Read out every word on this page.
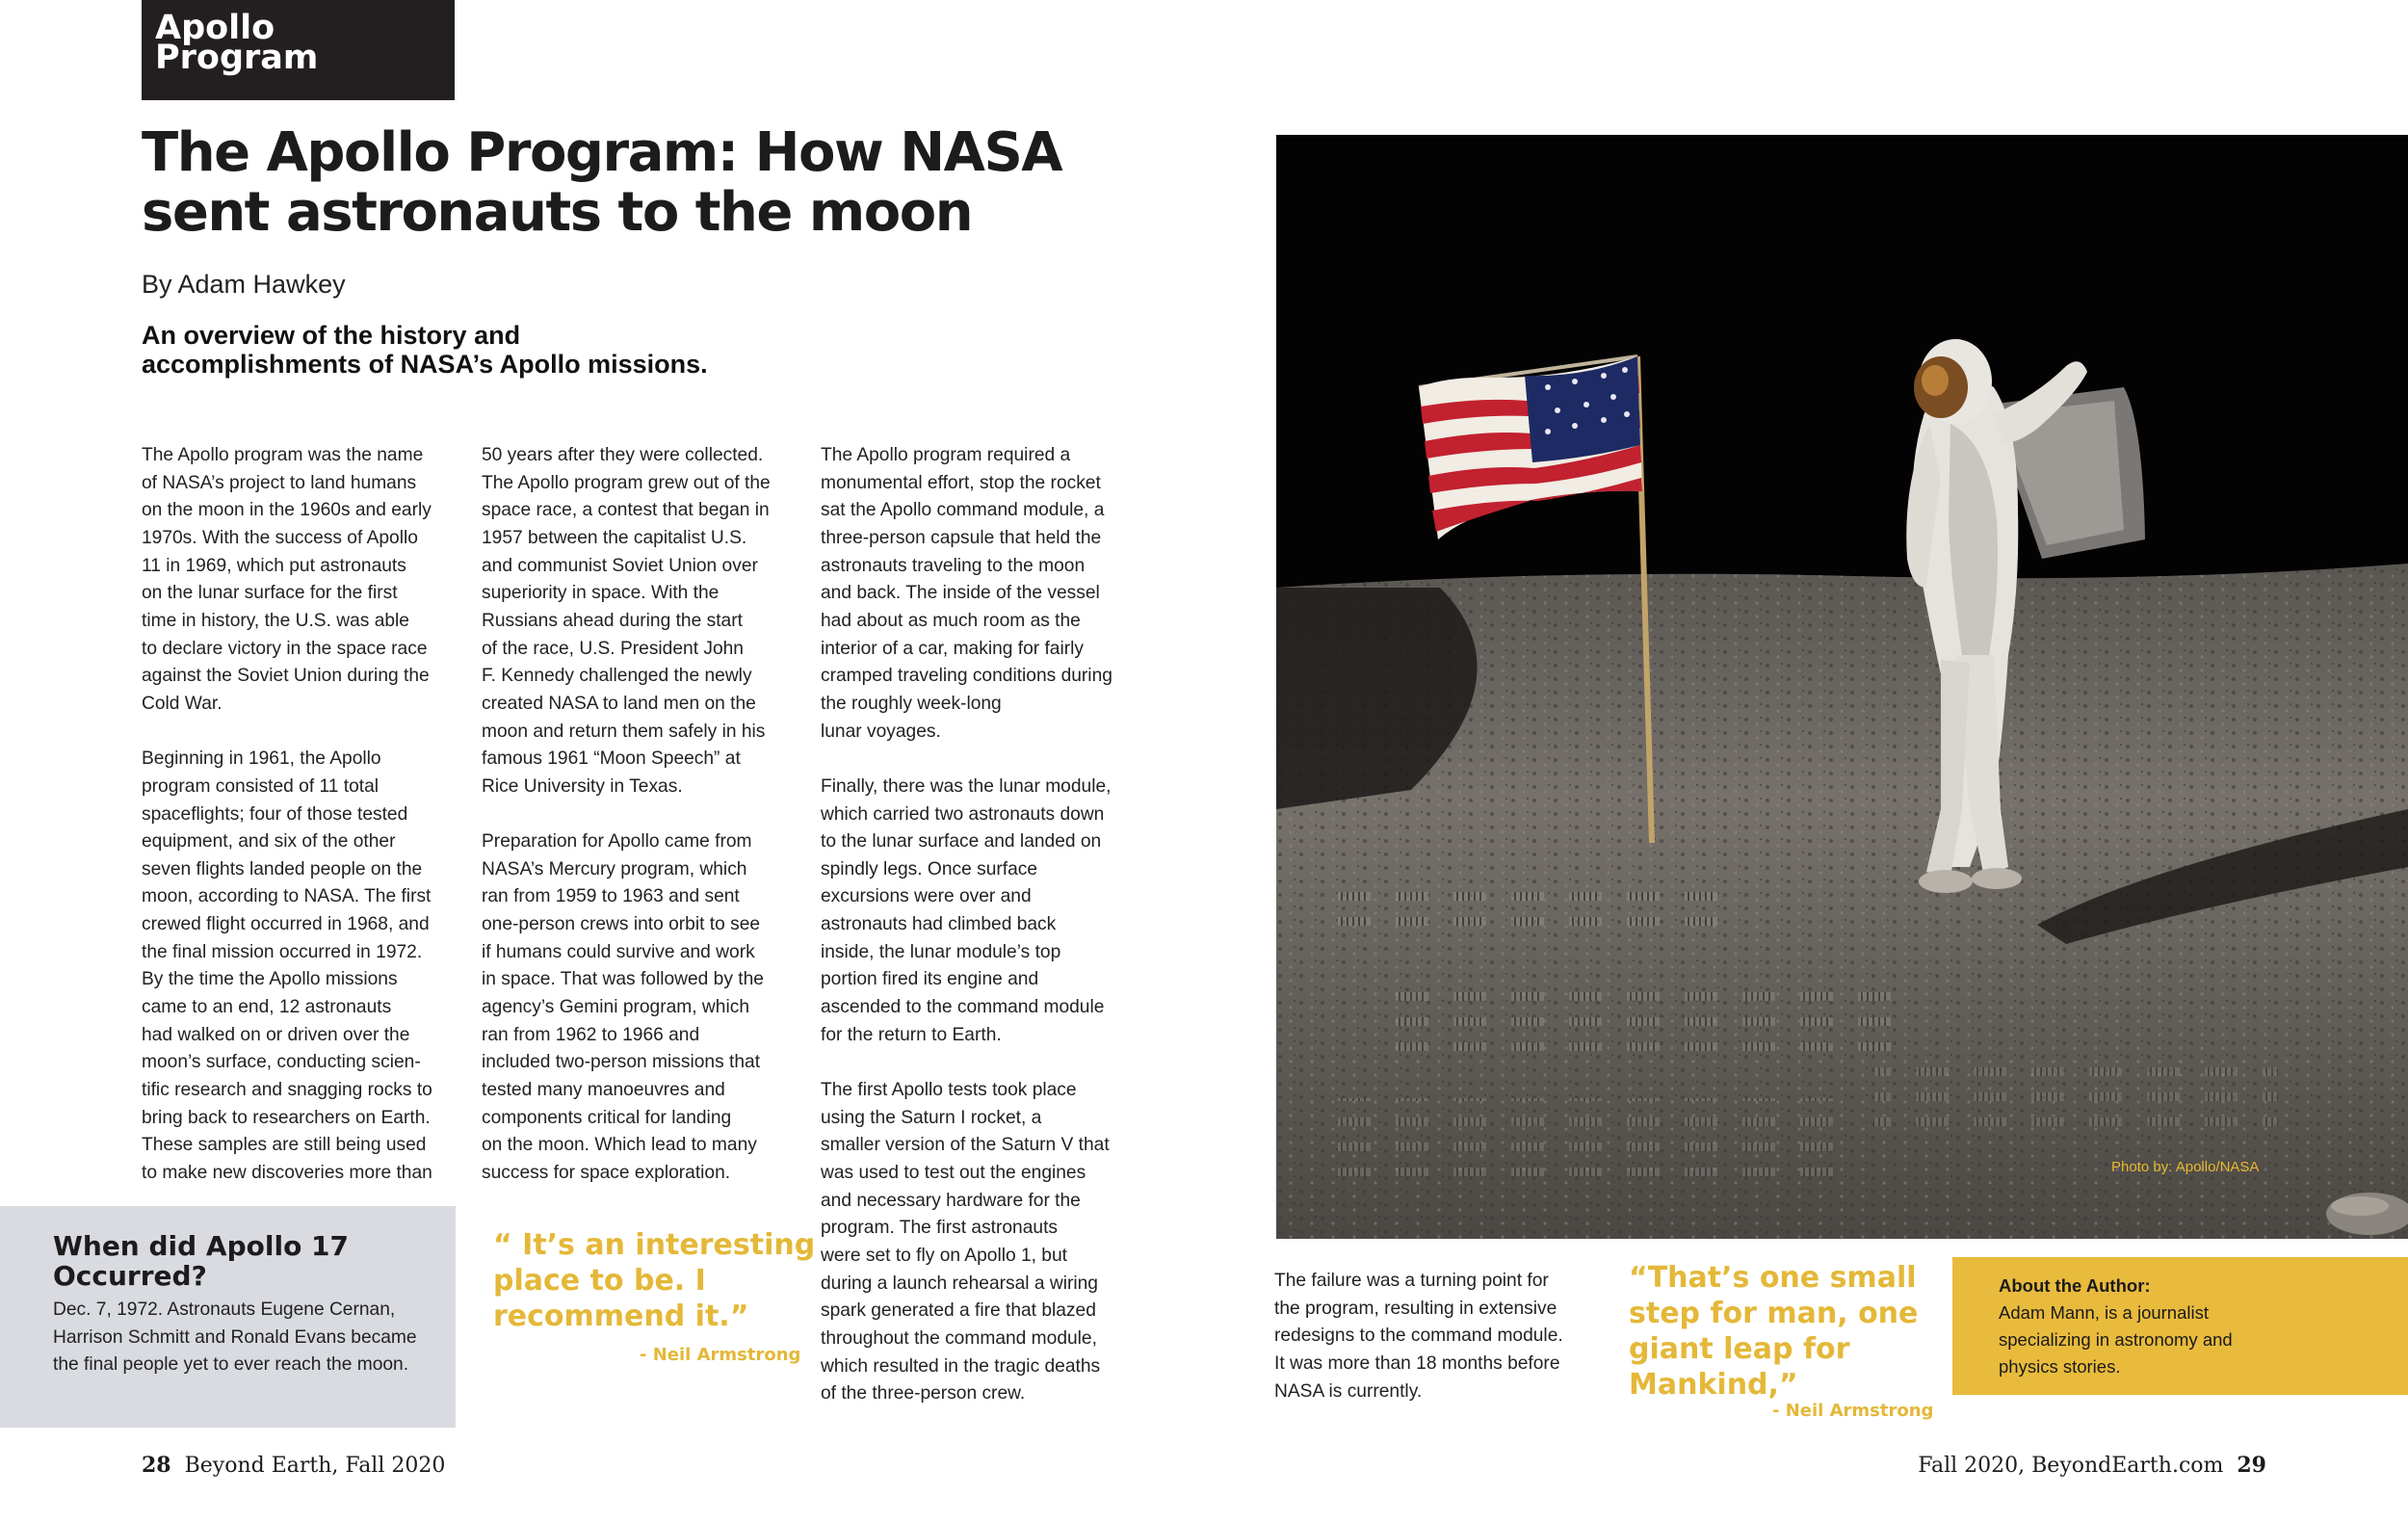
Apollo
Program
The Apollo Program: How NASA
sent astronauts to the moon
By Adam Hawkey
An overview of the history and
accomplishments of NASA’s Apollo missions.

The Apollo program was the name
of NASA’s project to land humans
on the moon in the 1960s and early
1970s. With the success of Apollo
11 in 1969, which put astronauts
on the lunar surface for the first
time in history, the U.S. was able
to declare victory in the space race
against the Soviet Union during the
Cold War.

Beginning in 1961, the Apollo
program consisted of 11 total
spaceflights; four of those tested
equipment, and six of the other
seven flights landed people on the
moon, according to NASA. The first
crewed flight occurred in 1968, and
the final mission occurred in 1972.
By the time the Apollo missions
came to an end, 12 astronauts
had walked on or driven over the
moon’s surface, conducting scien-
tific research and snagging rocks to
bring back to researchers on Earth.
These samples are still being used
to make new discoveries more than

50 years after they were collected.
The Apollo program grew out of the
space race, a contest that began in
1957 between the capitalist U.S.
and communist Soviet Union over
superiority in space. With the
Russians ahead during the start
of the race, U.S. President John
F. Kennedy challenged the newly
created NASA to land men on the
moon and return them safely in his
famous 1961 “Moon Speech” at
Rice University in Texas.

Preparation for Apollo came from
NASA’s Mercury program, which
ran from 1959 to 1963 and sent
one-person crews into orbit to see
if humans could survive and work
in space. That was followed by the
agency’s Gemini program, which
ran from 1962 to 1966 and
included two-person missions that
tested many manoeuvres and
components critical for landing
on the moon. Which lead to many
success for space exploration.

The Apollo program required a
monumental effort, stop the rocket
sat the Apollo command module, a
three-person capsule that held the
astronauts traveling to the moon
and back. The inside of the vessel
had about as much room as the
interior of a car, making for fairly
cramped traveling conditions during
the roughly week-long
lunar voyages.

Finally, there was the lunar module,
which carried two astronauts down
to the lunar surface and landed on
spindly legs. Once surface
excursions were over and
astronauts had climbed back
inside, the lunar module’s top
portion fired its engine and
ascended to the command module
for the return to Earth.

The first Apollo tests took place
using the Saturn I rocket, a
smaller version of the Saturn V that
was used to test out the engines
and necessary hardware for the
program. The first astronauts
were set to fly on Apollo 1, but
during a launch rehearsal a wiring
spark generated a fire that blazed
throughout the command module,
which resulted in the tragic deaths
of the three-person crew.

Photo by: Apollo/NASA
When did Apollo 17
Occurred?
Dec. 7, 1972. Astronauts Eugene Cernan,
Harrison Schmitt and Ronald Evans became
the final people yet to ever reach the moon.
“ It’s an interesting
place to be. I
recommend it.”
- Neil Armstrong

The failure was a turning point for
the program, resulting in extensive
redesigns to the command module.
It was more than 18 months before
NASA is currently.

“That’s one small
step for man, one
giant leap for
Mankind,”
- Neil Armstrong
About the Author:
Adam Mann, is a journalist
specializing in astronomy and
physics stories.
28 Beyond Earth, Fall 2020	Fall 2020, BeyondEarth.com 29
